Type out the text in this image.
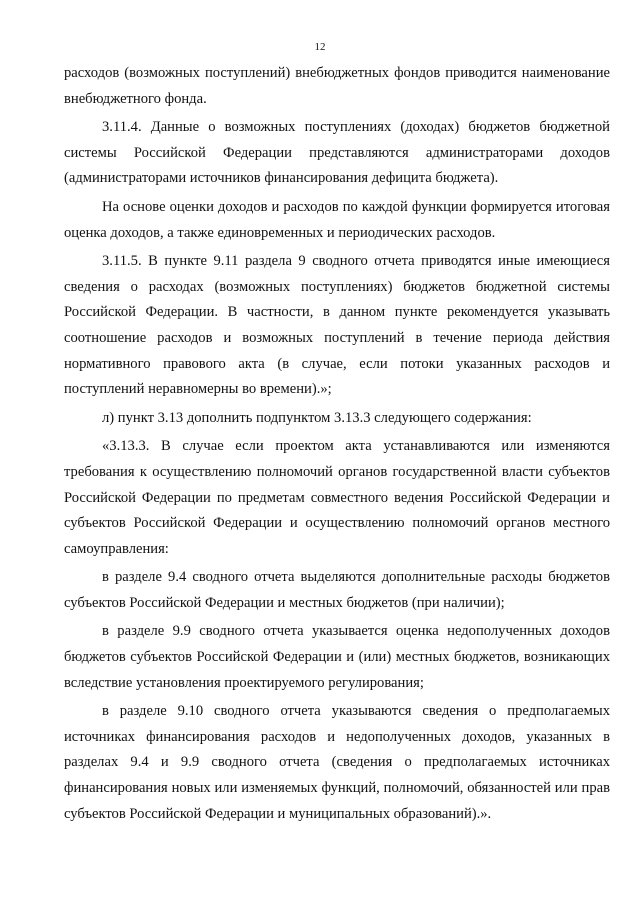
12

расходов (возможных поступлений) внебюджетных фондов приводится наименование внебюджетного фонда.

3.11.4. Данные о возможных поступлениях (доходах) бюджетов бюджетной системы Российской Федерации представляются администраторами доходов (администраторами источников финансирования дефицита бюджета).

На основе оценки доходов и расходов по каждой функции формируется итоговая оценка доходов, а также единовременных и периодических расходов.

3.11.5. В пункте 9.11 раздела 9 сводного отчета приводятся иные имеющиеся сведения о расходах (возможных поступлениях) бюджетов бюджетной системы Российской Федерации. В частности, в данном пункте рекомендуется указывать соотношение расходов и возможных поступлений в течение периода действия нормативного правового акта (в случае, если потоки указанных расходов и поступлений неравномерны во времени).»;

л) пункт 3.13 дополнить подпунктом 3.13.3 следующего содержания:

«3.13.3. В случае если проектом акта устанавливаются или изменяются требования к осуществлению полномочий органов государственной власти субъектов Российской Федерации по предметам совместного ведения Российской Федерации и субъектов Российской Федерации и осуществлению полномочий органов местного самоуправления:

в разделе 9.4 сводного отчета выделяются дополнительные расходы бюджетов субъектов Российской Федерации и местных бюджетов (при наличии);

в разделе 9.9 сводного отчета указывается оценка недополученных доходов бюджетов субъектов Российской Федерации и (или) местных бюджетов, возникающих вследствие установления проектируемого регулирования;

в разделе 9.10 сводного отчета указываются сведения о предполагаемых источниках финансирования расходов и недополученных доходов, указанных в разделах 9.4 и 9.9 сводного отчета (сведения о предполагаемых источниках финансирования новых или изменяемых функций, полномочий, обязанностей или прав субъектов Российской Федерации и муниципальных образований).».
